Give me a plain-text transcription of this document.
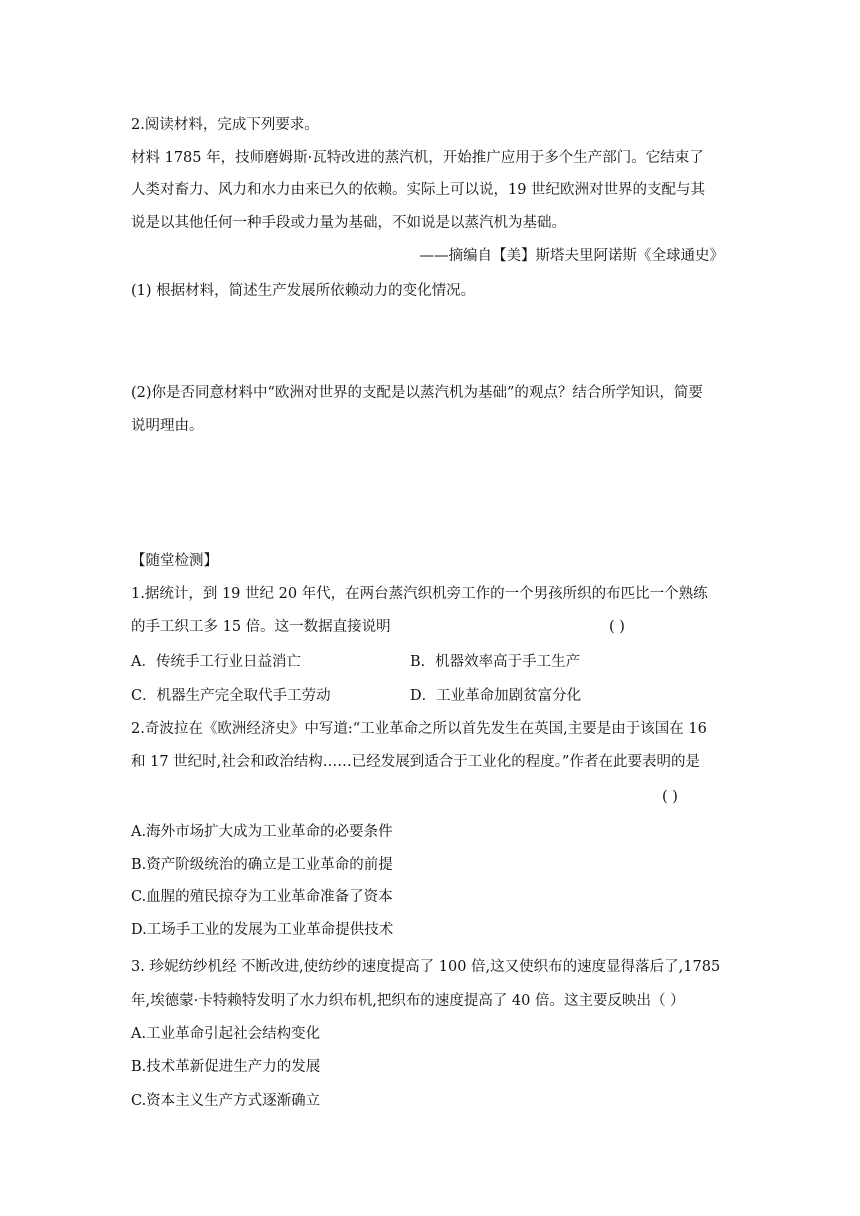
2.阅读材料，完成下列要求。
材料 1785 年，技师磨姆斯·瓦特改进的蒸汽机，开始推广应用于多个生产部门。它结束了
人类对畜力、风力和水力由来已久的依赖。实际上可以说，19 世纪欧洲对世界的支配与其
说是以其他任何一种手段或力量为基础，不如说是以蒸汽机为基础。
——摘编自【美】斯塔夫里阿诺斯《全球通史》
(1) 根据材料，简述生产发展所依赖动力的变化情况。
(2)你是否同意材料中“欧洲对世界的支配是以蒸汽机为基础”的观点？结合所学知识，简要
说明理由。
【随堂检测】
1.据统计，到 19 世纪 20 年代，在两台蒸汽织机旁工作的一个男孩所织的布匹比一个熟练
的手工织工多 15 倍。这一数据直接说明	( )
A．传统手工行业日益消亡	B．机器效率高于手工生产
C．机器生产完全取代手工劳动	D．工业革命加剧贫富分化
2.奇波拉在《欧洲经济史》中写道:“工业革命之所以首先发生在英国,主要是由于该国在 16
和 17 世纪时,社会和政治结构……已经发展到适合于工业化的程度。”作者在此要表明的是
( )
A.海外市场扩大成为工业革命的必要条件
B.资产阶级统治的确立是工业革命的前提
C.血腥的殖民掠夺为工业革命准备了资本
D.工场手工业的发展为工业革命提供技术
3. 珍妮纺纱机经 不断改进,使纺纱的速度提高了 100 倍,这又使织布的速度显得落后了,1785
年,埃德蒙·卡特赖特发明了水力织布机,把织布的速度提高了 40 倍。这主要反映出（ ）
A.工业革命引起社会结构变化
B.技术革新促进生产力的发展
C.资本主义生产方式逐渐确立
